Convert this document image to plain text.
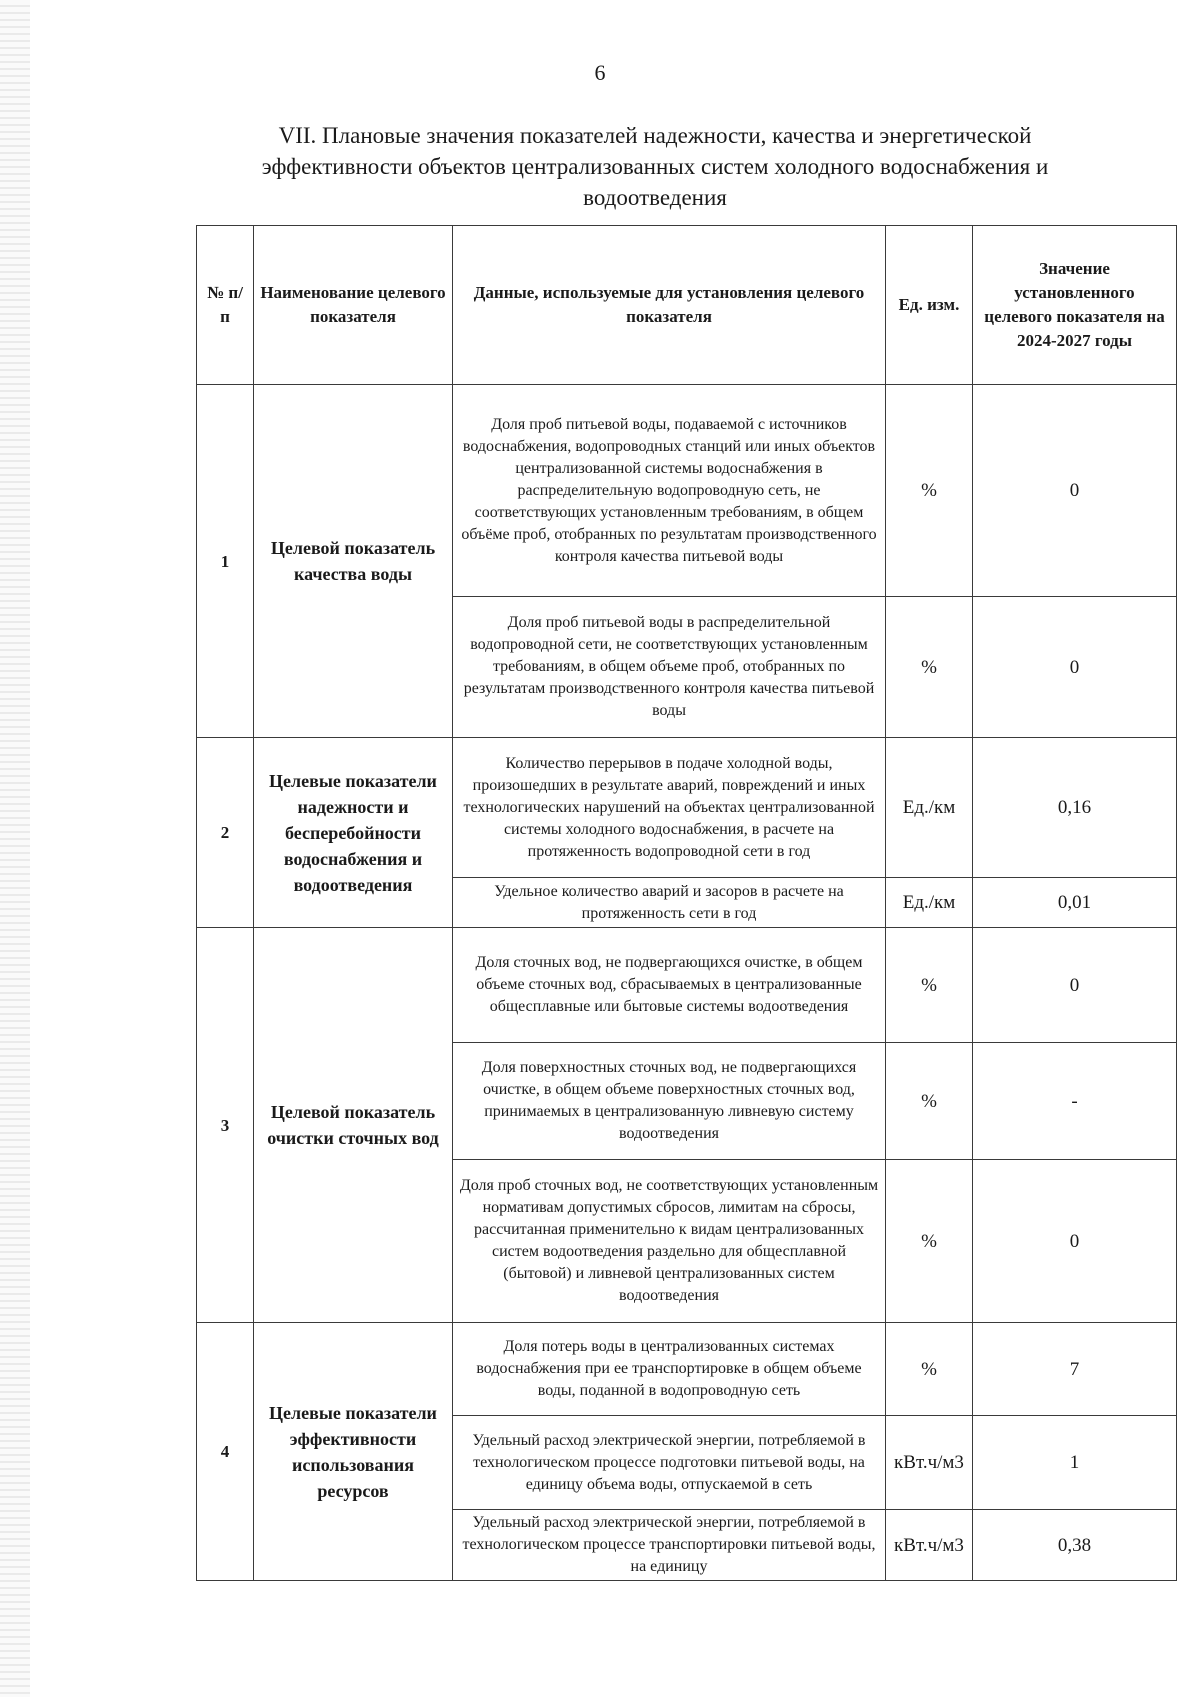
6
VII. Плановые значения показателей надежности, качества и энергетической
эффективности объектов централизованных систем холодного водоснабжения и
водоотведения
№ п/п	Наименование целевого показателя	Данные, используемые для установления целевого показателя	Ед. изм.	Значение установленного целевого показателя на 2024-2027 годы
1	Целевой показатель качества воды	Доля проб питьевой воды, подаваемой с источников водоснабжения, водопроводных станций или иных объектов централизованной системы водоснабжения в распределительную водопроводную сеть, не соответствующих установленным требованиям, в общем объёме проб, отобранных по результатам производственного контроля качества питьевой воды	%	0
		Доля проб питьевой воды в распределительной водопроводной сети, не соответствующих установленным требованиям, в общем объеме проб, отобранных по результатам производственного контроля качества питьевой воды	%	0
2	Целевые показатели надежности и бесперебойности водоснабжения и водоотведения	Количество перерывов в подаче холодной воды, произошедших в результате аварий, повреждений и иных технологических нарушений на объектах централизованной системы холодного водоснабжения, в расчете на протяженность водопроводной сети в год	Ед./км	0,16
		Удельное количество аварий и засоров в расчете на протяженность сети в год	Ед./км	0,01
3	Целевой показатель очистки сточных вод	Доля сточных вод, не подвергающихся очистке, в общем объеме сточных вод, сбрасываемых в централизованные общесплавные или бытовые системы водоотведения	%	0
		Доля поверхностных сточных вод, не подвергающихся очистке, в общем объеме поверхностных сточных вод, принимаемых в централизованную ливневую систему водоотведения	%	-
		Доля проб сточных вод, не соответствующих установленным нормативам допустимых сбросов, лимитам на сбросы, рассчитанная применительно к видам централизованных систем водоотведения раздельно для общесплавной (бытовой) и ливневой централизованных систем водоотведения	%	0
4	Целевые показатели эффективности использования ресурсов	Доля потерь воды в централизованных системах водоснабжения при ее транспортировке в общем объеме воды, поданной в водопроводную сеть	%	7
		Удельный расход электрической энергии, потребляемой в технологическом процессе подготовки питьевой воды, на единицу объема воды, отпускаемой в сеть	кВт.ч/м3	1
		Удельный расход электрической энергии, потребляемой в технологическом процессе транспортировки питьевой воды, на единицу	кВт.ч/м3	0,38
